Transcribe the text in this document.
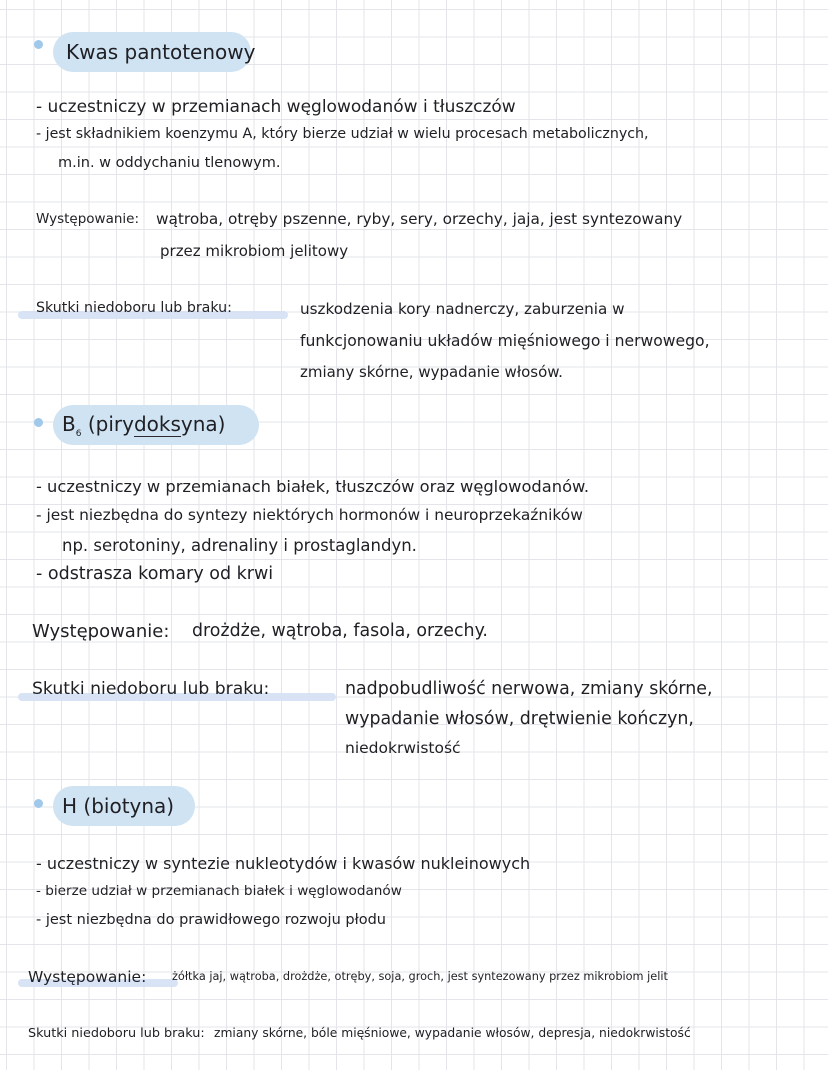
Kwas pantotenowy
- uczestniczy w przemianach węglowodanów i tłuszczów
- jest składnikiem koenzymu A, który bierze udział w wielu procesach metabolicznych,
m.in. w oddychaniu tlenowym.
Występowanie: wątroba, otręby pszenne, ryby, sery, orzechy, jaja, jest syntezowany
przez mikrobiom jelitowy
Skutki niedoboru lub braku:	uszkodzenia kory nadnerczy, zaburzenia w
funkcjonowaniu układów mięśniowego i nerwowego,
zmiany skórne, wypadanie włosów.
$B_6$ (pirydoksyna)
- uczestniczy w przemianach białek, tłuszczów oraz węglowodanów.
- jest niezbędna do syntezy niektórych hormonów i neuroprzekaźników
np. serotoniny, adrenaliny i prostaglandyn.
- odstrasza komary od krwi
Występowanie: drożdże, wątroba, fasola, orzechy.
Skutki niedoboru lub braku:	nadpobudliwość nerwowa, zmiany skórne,
wypadanie włosów, drętwienie kończyn,
niedokrwistość
H (biotyna)
- uczestniczy w syntezie nukleotydów i kwasów nukleinowych
- bierze udział w przemianach białek i węglowodanów
- jest niezbędna do prawidłowego rozwoju płodu
Występowanie: żółtka jaj, wątroba, drożdże, otręby, soja, groch, jest syntezowany przez mikrobiom jelit
Skutki niedoboru lub braku: zmiany skórne, bóle mięśniowe, wypadanie włosów, depresja, niedokrwistość
